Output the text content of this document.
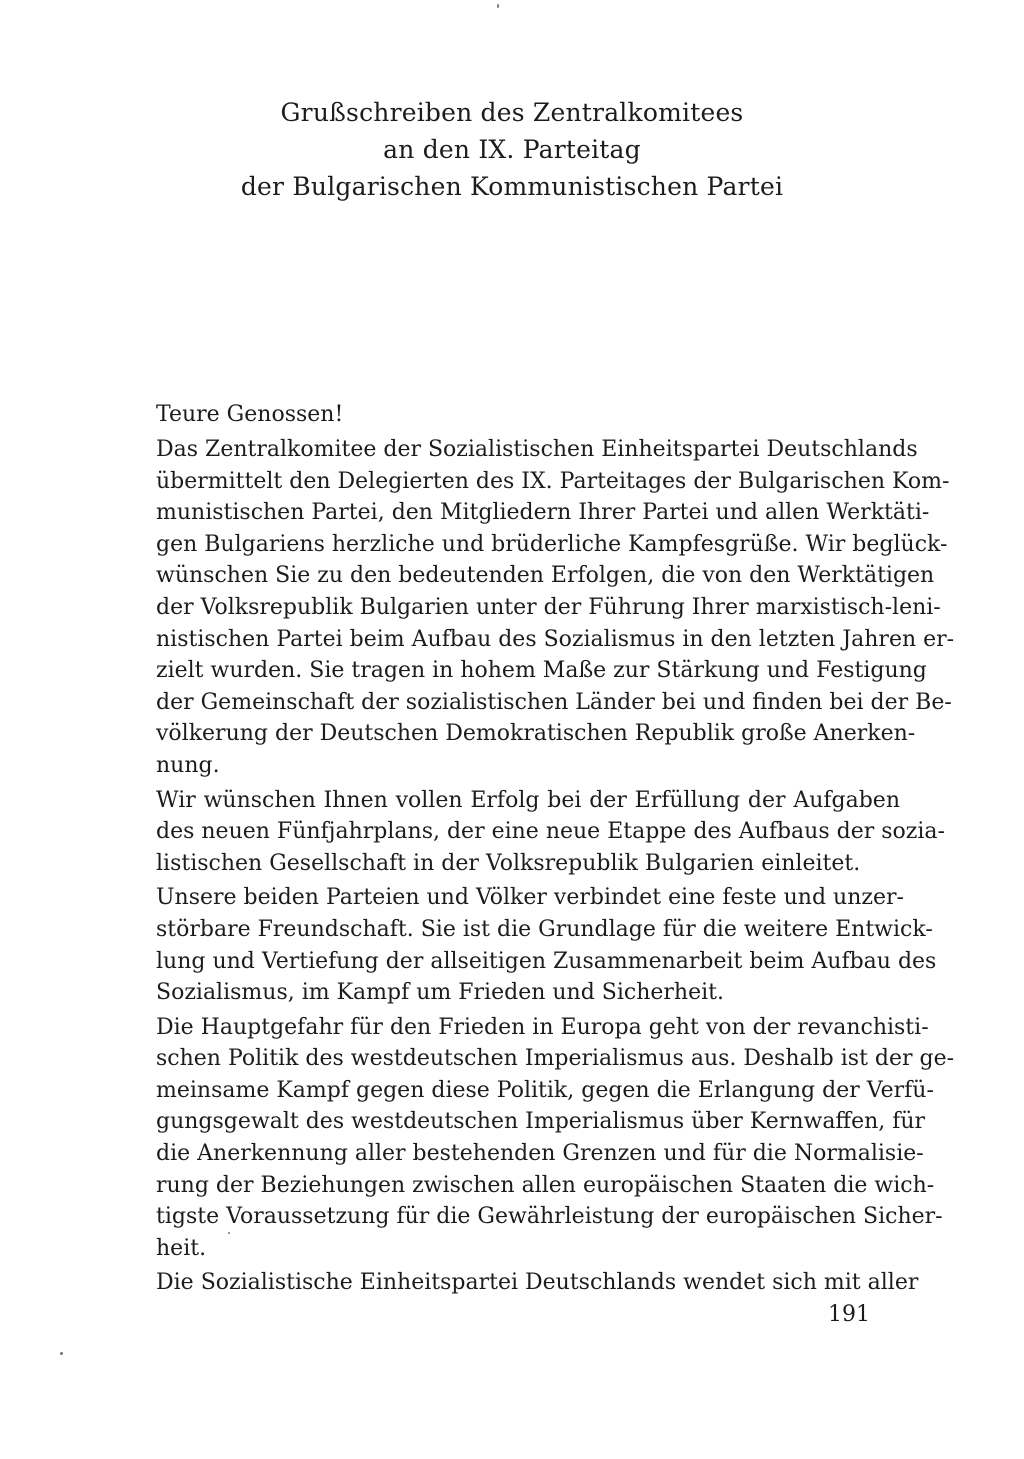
Grußschreiben des Zentralkomitees
an den IX. Parteitag
der Bulgarischen Kommunistischen Partei
Teure Genossen!
Das Zentralkomitee der Sozialistischen Einheitspartei Deutschlands
übermittelt den Delegierten des IX. Parteitages der Bulgarischen Kom-
munistischen Partei, den Mitgliedern Ihrer Partei und allen Werktäti-
gen Bulgariens herzliche und brüderliche Kampfesgrüße. Wir beglück-
wünschen Sie zu den bedeutenden Erfolgen, die von den Werktätigen
der Volksrepublik Bulgarien unter der Führung Ihrer marxistisch-leni-
nistischen Partei beim Aufbau des Sozialismus in den letzten Jahren er-
zielt wurden. Sie tragen in hohem Maße zur Stärkung und Festigung
der Gemeinschaft der sozialistischen Länder bei und finden bei der Be-
völkerung der Deutschen Demokratischen Republik große Anerken-
nung.
Wir wünschen Ihnen vollen Erfolg bei der Erfüllung der Aufgaben
des neuen Fünfjahrplans, der eine neue Etappe des Aufbaus der sozia-
listischen Gesellschaft in der Volksrepublik Bulgarien einleitet.
Unsere beiden Parteien und Völker verbindet eine feste und unzer-
störbare Freundschaft. Sie ist die Grundlage für die weitere Entwick-
lung und Vertiefung der allseitigen Zusammenarbeit beim Aufbau des
Sozialismus, im Kampf um Frieden und Sicherheit.
Die Hauptgefahr für den Frieden in Europa geht von der revanchisti-
schen Politik des westdeutschen Imperialismus aus. Deshalb ist der ge-
meinsame Kampf gegen diese Politik, gegen die Erlangung der Verfü-
gungsgewalt des westdeutschen Imperialismus über Kernwaffen, für
die Anerkennung aller bestehenden Grenzen und für die Normalisie-
rung der Beziehungen zwischen allen europäischen Staaten die wich-
tigste Voraussetzung für die Gewährleistung der europäischen Sicher-
heit.
Die Sozialistische Einheitspartei Deutschlands wendet sich mit aller
191
